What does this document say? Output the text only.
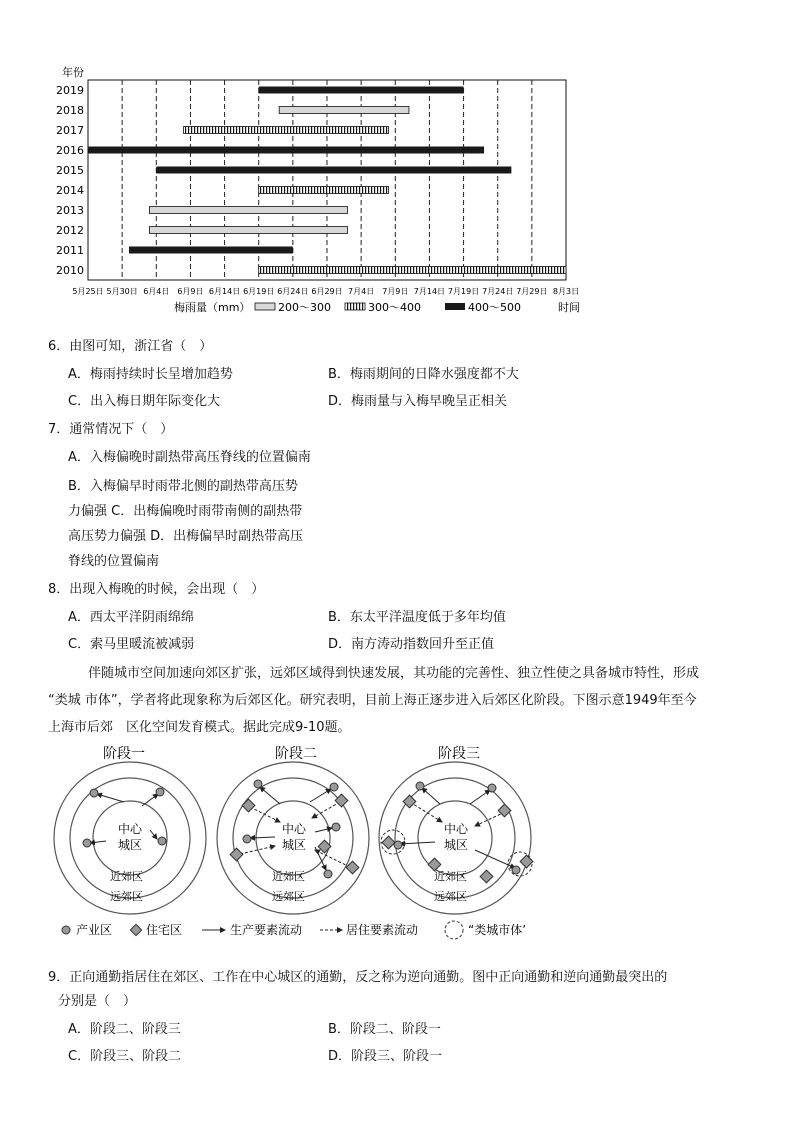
年份
2019
2018
2017
2016
2015
2014
2013
2012
2011
2010
5月25日 5月30日 6月4日 6月9日 6月14日 6月19日 6月24日 6月29日 7月4日 7月9日 7月14日 7月19日 7月24日 7月29日 8月3日
梅雨量（mm）	200～300	300～400	400～500	时间
6．由图可知，浙江省（　）
A．梅雨持续时长呈增加趋势	B．梅雨期间的日降水强度都不大
C．出入梅日期年际变化大	D．梅雨量与入梅早晚呈正相关
7．通常情况下（　）
A．入梅偏晚时副热带高压脊线的位置偏南
B．入梅偏早时雨带北侧的副热带高压势
力偏强 C．出梅偏晚时雨带南侧的副热带
高压势力偏强 D．出梅偏早时副热带高压
脊线的位置偏南
8．出现入梅晚的时候，会出现（　）
A．西太平洋阴雨绵绵	B．东太平洋温度低于多年均值
C．索马里暖流被减弱	D．南方涛动指数回升至正值
伴随城市空间加速向郊区扩张，远郊区域得到快速发展，其功能的完善性、独立性使之具备城市特性，形成
“类城 市体”，学者将此现象称为后郊区化。研究表明，目前上海正逐步进入后郊区化阶段。下图示意1949年至今
上海市后郊　区化空间发育模式。据此完成9-10题。
阶段一
中心
城区
近郊区
远郊区
阶段二
中心
城区
近郊区
远郊区
阶段三
中心
城区
近郊区
远郊区
产业区	住宅区	生产要素流动	居住要素流动	“类城市体’
9．正向通勤指居住在郊区、工作在中心城区的通勤，反之称为逆向通勤。图中正向通勤和逆向通勤最突出的
分别是（　）
A．阶段二、阶段三	B．阶段二、阶段一
C．阶段三、阶段二	D．阶段三、阶段一
